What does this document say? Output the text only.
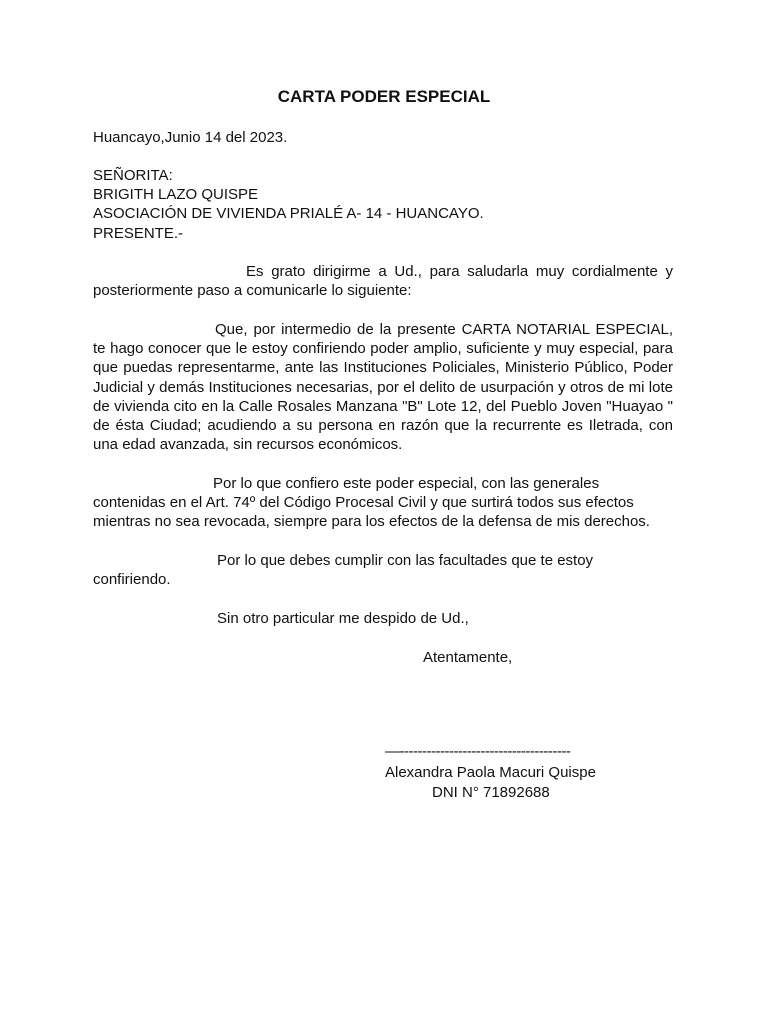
CARTA PODER ESPECIAL

Huancayo,Junio 14 del 2023.

SEÑORITA:

BRIGITH LAZO QUISPE

ASOCIACIÓN DE VIVIENDA PRIALÉ A- 14 - HUANCAYO.

PRESENTE.-

Es grato dirigirme a Ud., para saludarla muy cordialmente y posteriormente paso a comunicarle lo siguiente:

Que, por intermedio de la presente CARTA NOTARIAL ESPECIAL, te hago conocer que le estoy confiriendo poder amplio, suficiente y muy especial, para que puedas representarme, ante las Instituciones Policiales, Ministerio Público, Poder Judicial y demás Instituciones necesarias, por el delito de usurpación y otros de mi lote de vivienda cito en la Calle Rosales Manzana "B" Lote 12, del Pueblo Joven "Huayao " de ésta Ciudad; acudiendo a su persona en razón que la recurrente es Iletrada, con una edad avanzada, sin recursos económicos.

Por lo que confiero este poder especial, con las generales contenidas en el Art. 74º del Código Procesal Civil y que surtirá todos sus efectos mientras no sea revocada, siempre para los efectos de la defensa de mis derechos.

Por lo que debes cumplir con las facultades que te estoy confiriendo.

Sin otro particular me despido de Ud.,

Atentamente,

—--------------------------------------
Alexandra Paola Macuri Quispe
DNI N° 71892688
